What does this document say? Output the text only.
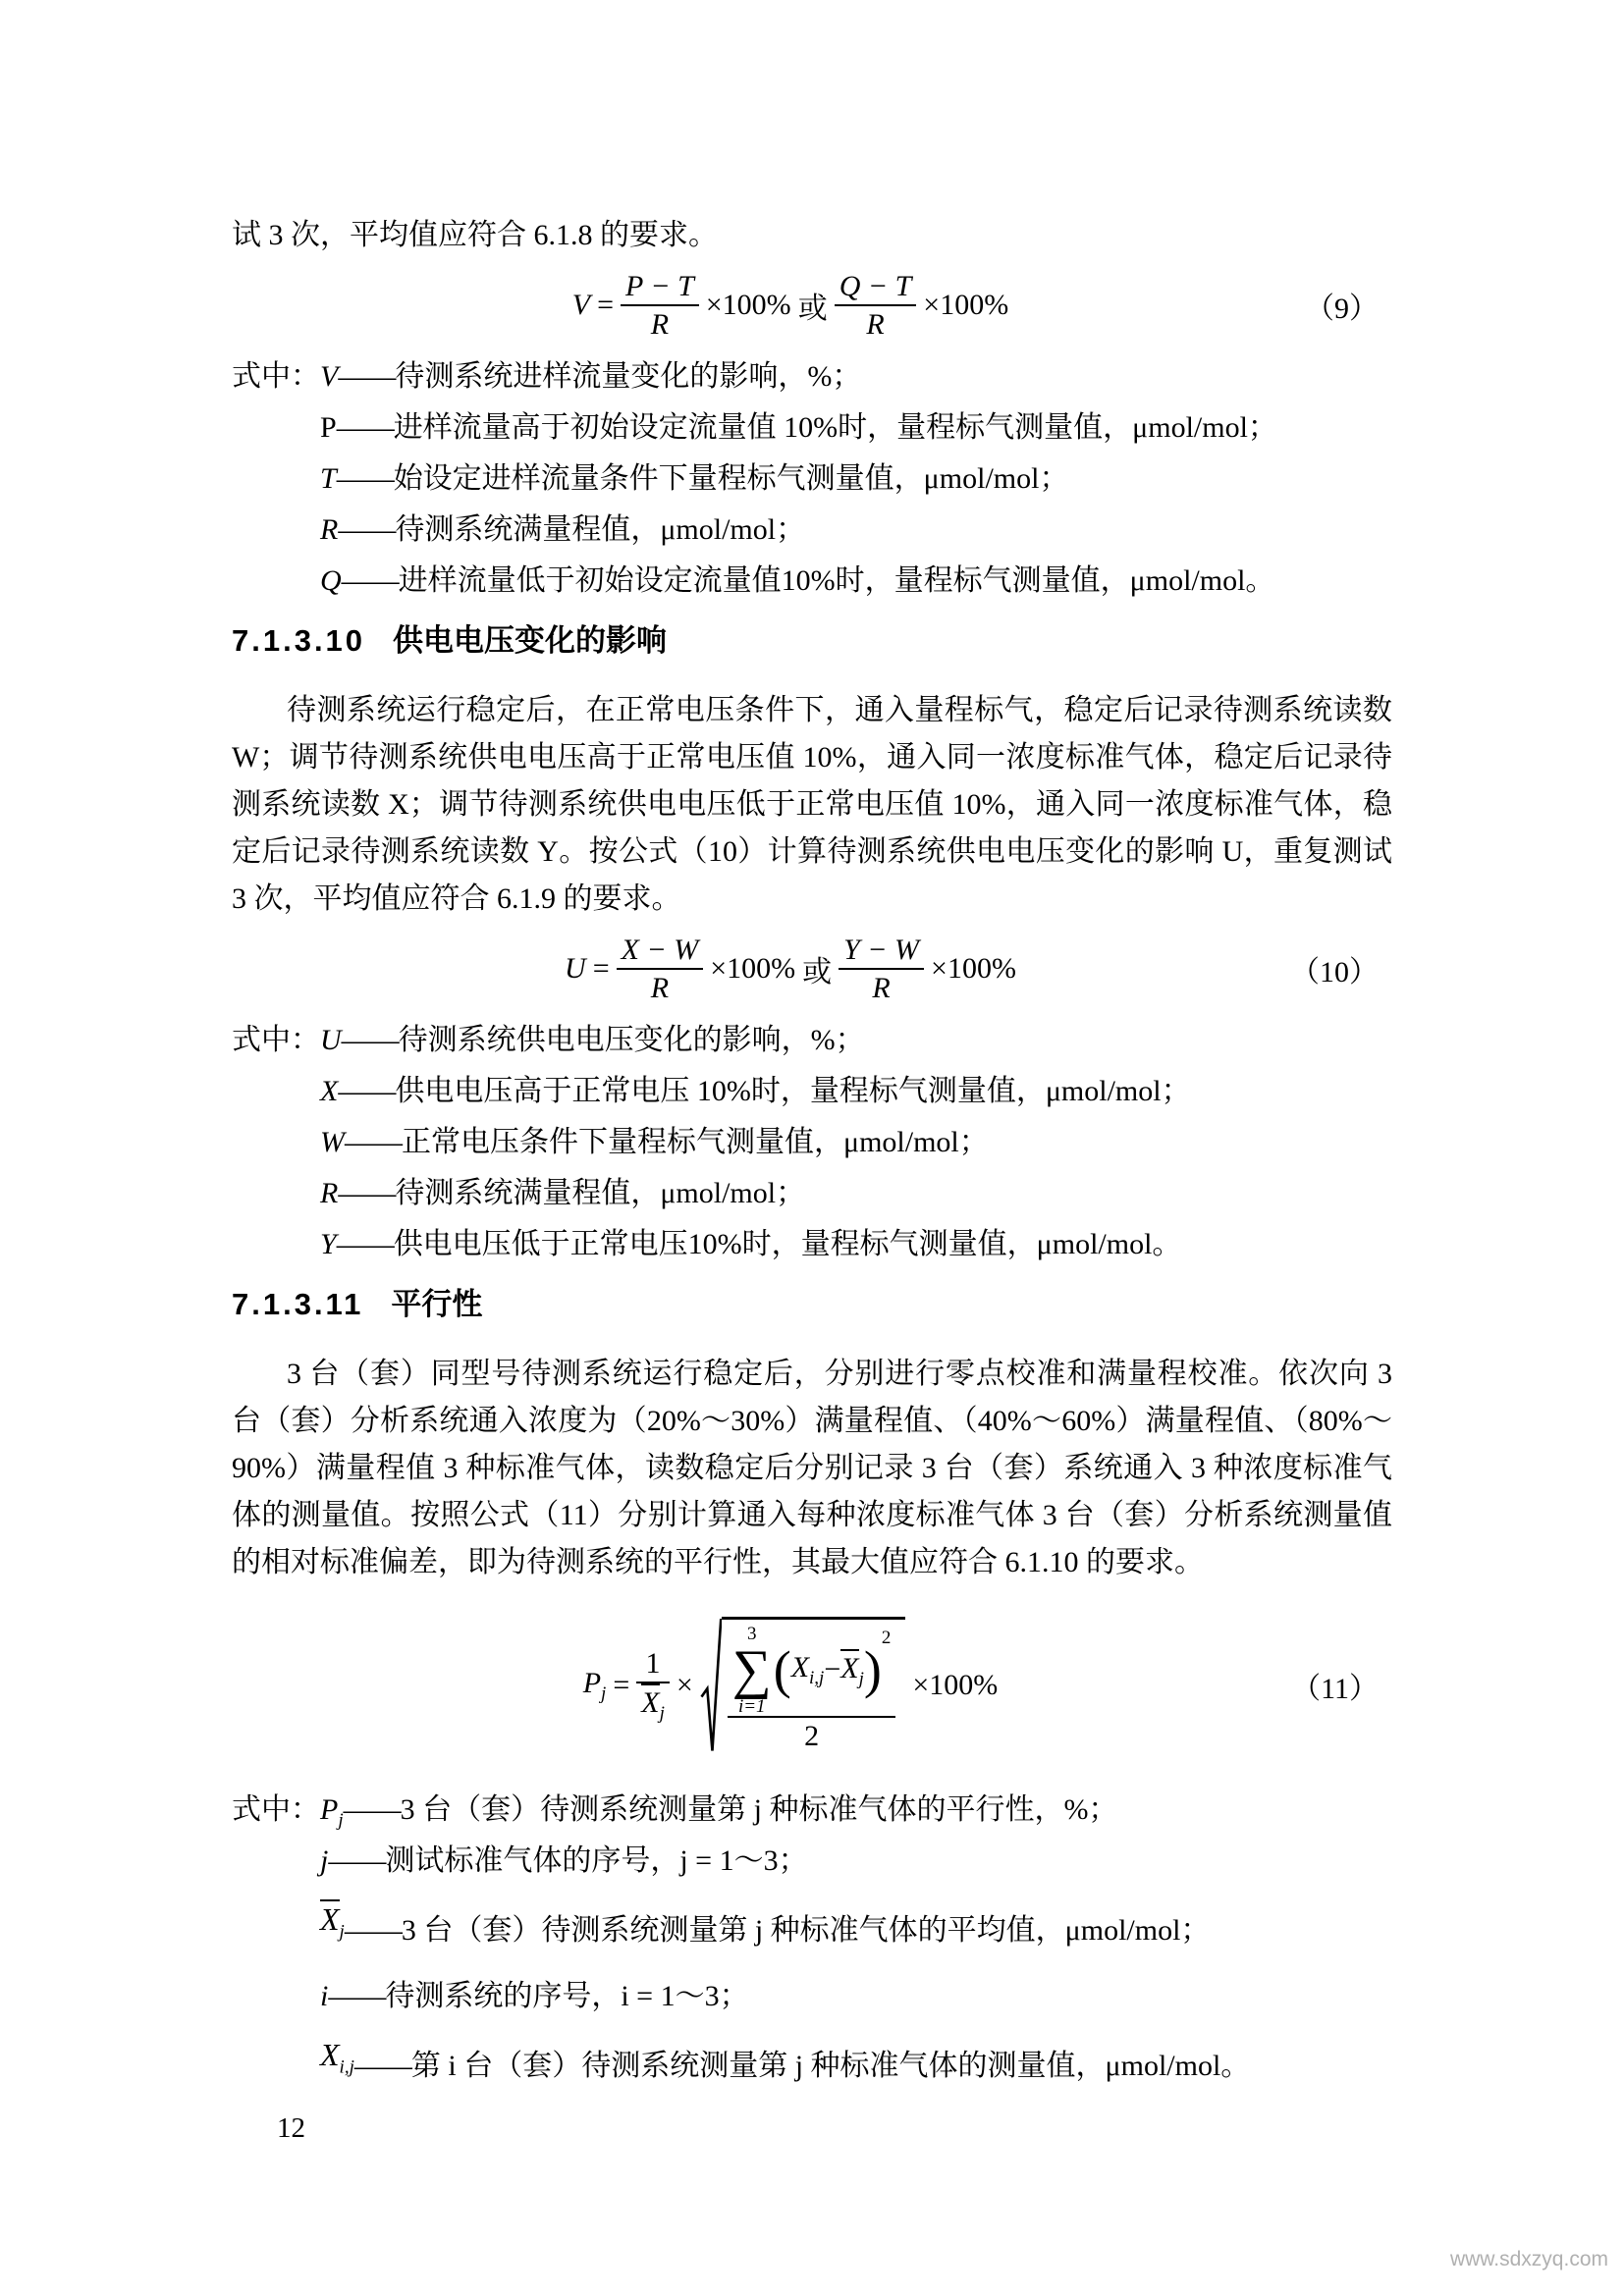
试 3 次，平均值应符合 6.1.8 的要求。

$V = \frac{P - T}{R} \times 100\%$ 或 $\frac{Q - T}{R} \times 100\%$	（9）
式中：V——待测系统进样流量变化的影响，%；
P——进样流量高于初始设定流量值 10%时，量程标气测量值，μmol/mol；
T——始设定进样流量条件下量程标气测量值，μmol/mol；
R——待测系统满量程值，μmol/mol；
Q——进样流量低于初始设定流量值10%时，量程标气测量值，μmol/mol。
7.1.3.10 供电电压变化的影响

待测系统运行稳定后，在正常电压条件下，通入量程标气，稳定后记录待测系统读数 W；调节待测系统供电电压高于正常电压值 10%，通入同一浓度标准气体，稳定后记录待测系统读数 X；调节待测系统供电电压低于正常电压值 10%，通入同一浓度标准气体，稳定后记录待测系统读数 Y。按公式（10）计算待测系统供电电压变化的影响 U，重复测试 3 次，平均值应符合 6.1.9 的要求。

$U = \frac{X - W}{R} \times 100\%$ 或 $\frac{Y - W}{R} \times 100\%$	（10）
式中：U——待测系统供电电压变化的影响，%；
X——供电电压高于正常电压 10%时，量程标气测量值，μmol/mol；
W——正常电压条件下量程标气测量值，μmol/mol；
R——待测系统满量程值，μmol/mol；
Y——供电电压低于正常电压10%时，量程标气测量值，μmol/mol。
7.1.3.11 平行性

3 台（套）同型号待测系统运行稳定后，分别进行零点校准和满量程校准。依次向 3 台（套）分析系统通入浓度为（20%～30%）满量程值、（40%～60%）满量程值、（80%～90%）满量程值 3 种标准气体，读数稳定后分别记录 3 台（套）系统通入 3 种浓度标准气体的测量值。按照公式（11）分别计算通入每种浓度标准气体 3 台（套）分析系统测量值的相对标准偏差，即为待测系统的平行性，其最大值应符合 6.1.10 的要求。

$P_j = \frac{1}{X_j}$ ×
3
∑
i=1
( $X_{i,j} - X_j$ )
$^2$
2
×100%	（11）
式中：$P_j——3$ 台（套）待测系统测量第 j 种标准气体的平行性，%；
j——测试标准气体的序号，j = 1～3；
$X_j——3$ 台（套）待测系统测量第 j 种标准气体的平均值，μmol/mol；
i——待测系统的序号，i = 1～3；
$X_{i,j}——$第 i 台（套）待测系统测量第 j 种标准气体的测量值，μmol/mol。
12
www.sdxzyq.com
